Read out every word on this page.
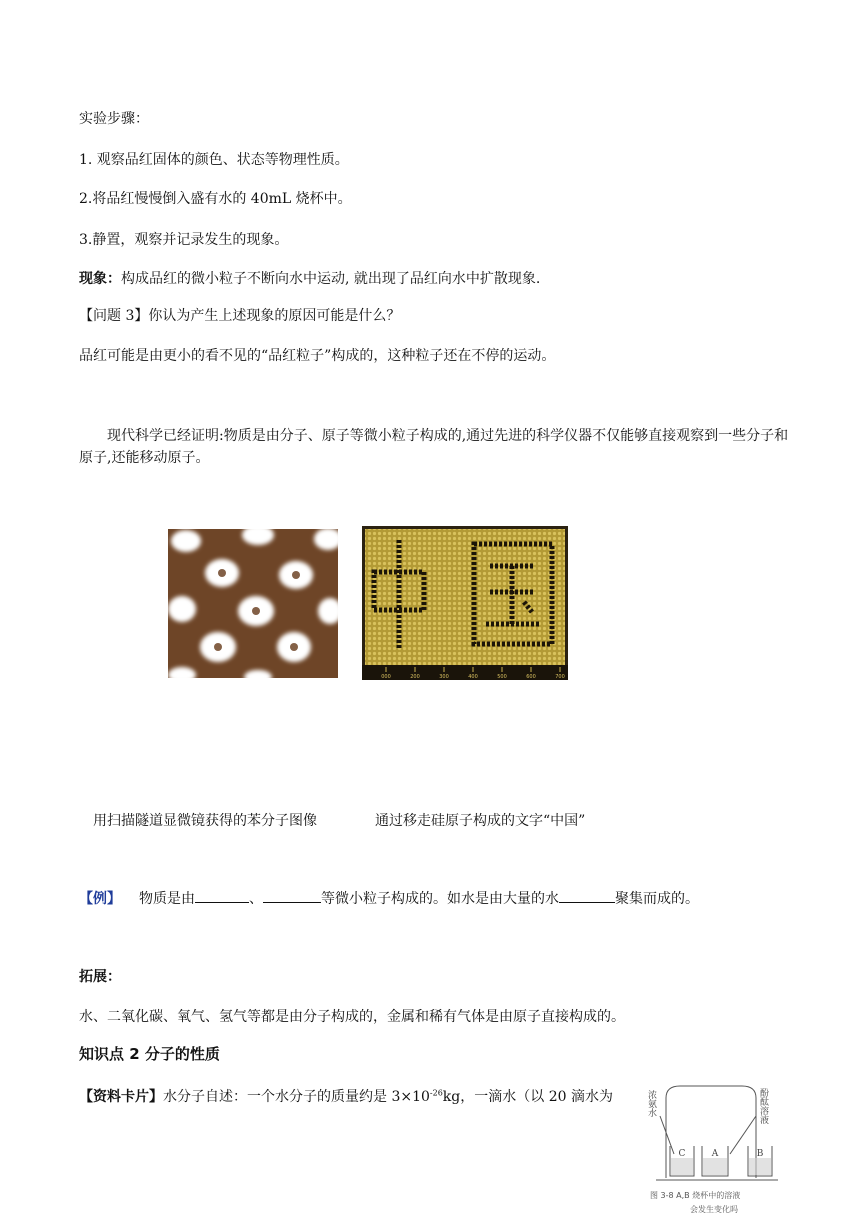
实验步骤：
1. 观察品红固体的颜色、状态等物理性质。
2.将品红慢慢倒入盛有水的 40mL 烧杯中。
3.静置，观察并记录发生的现象。
现象：构成品红的微小粒子不断向水中运动, 就出现了品红向水中扩散现象.
【问题 3】你认为产生上述现象的原因可能是什么？
品红可能是由更小的看不见的“品红粒子”构成的，这种粒子还在不停的运动。
现代科学已经证明:物质是由分子、原子等微小粒子构成的,通过先进的科学仪器不仅能够直接观察到一些分子和原子,还能移动原子。
000	200	300	400	500	600	700
用扫描隧道显微镜获得的苯分子图像	通过移走硅原子构成的文字“中国”
【例】 物质是由	、	等微小粒子构成的。如水是由大量的水	聚集而成的。
拓展：
水、二氧化碳、氧气、氢气等都是由分子构成的，金属和稀有气体是由原子直接构成的。
知识点 2 分子的性质
【资料卡片】水分子自述：一个水分子的质量约是 $3\times 10^{-26}kg$，一滴水（以 20 滴水为
C	A	B
浓氨水	酚酞溶液
图 3-8 A,B 烧杯中的溶液
会发生变化吗
